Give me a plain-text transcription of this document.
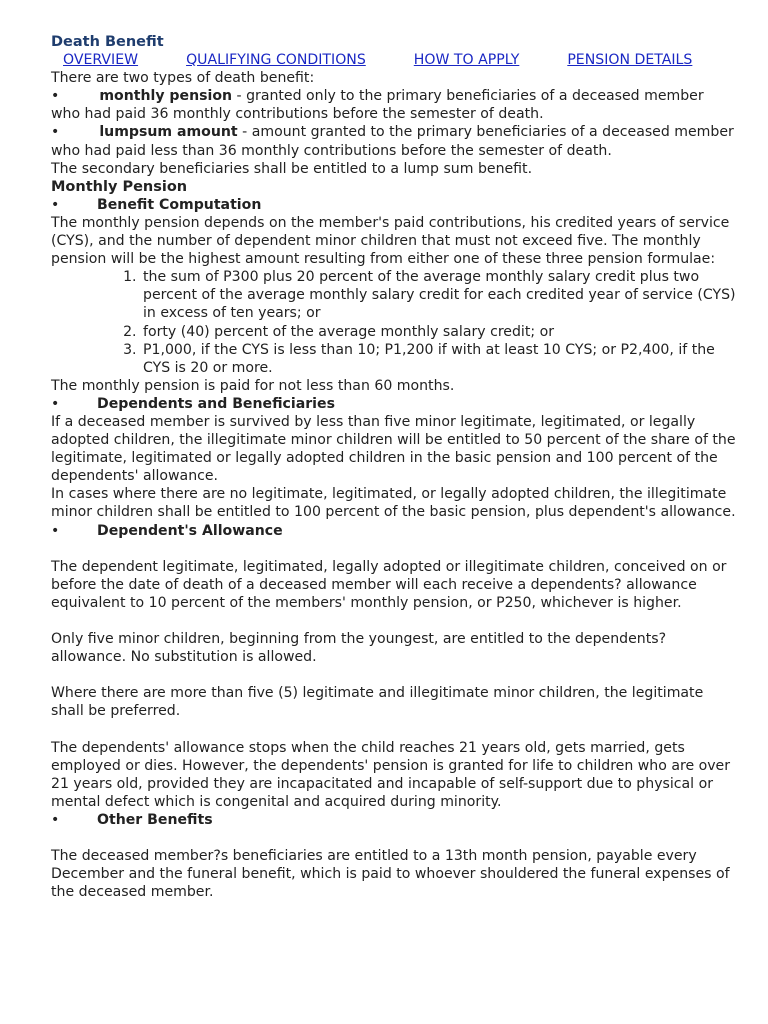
Death Benefit
OVERVIEW	QUALIFYING CONDITIONS	HOW TO APPLY	PENSION DETAILS
There are two types of death benefit:
•	monthly pension - granted only to the primary beneficiaries of a deceased member who had paid 36 monthly contributions before the semester of death.
•	lumpsum amount - amount granted to the primary beneficiaries of a deceased member who had paid less than 36 monthly contributions before the semester of death.
The secondary beneficiaries shall be entitled to a lump sum benefit.
Monthly Pension
•	Benefit Computation
The monthly pension depends on the member's paid contributions, his credited years of service (CYS), and the number of dependent minor children that must not exceed five. The monthly pension will be the highest amount resulting from either one of these three pension formulae:
1. the sum of P300 plus 20 percent of the average monthly salary credit plus two percent of the average monthly salary credit for each credited year of service (CYS) in excess of ten years; or
2. forty (40) percent of the average monthly salary credit; or
3. P1,000, if the CYS is less than 10; P1,200 if with at least 10 CYS; or P2,400, if the CYS is 20 or more.
The monthly pension is paid for not less than 60 months.
•	Dependents and Beneficiaries
If a deceased member is survived by less than five minor legitimate, legitimated, or legally adopted children, the illegitimate minor children will be entitled to 50 percent of the share of the legitimate, legitimated or legally adopted children in the basic pension and 100 percent of the dependents' allowance.
In cases where there are no legitimate, legitimated, or legally adopted children, the illegitimate minor children shall be entitled to 100 percent of the basic pension, plus dependent's allowance.
•	Dependent's Allowance
The dependent legitimate, legitimated, legally adopted or illegitimate children, conceived on or before the date of death of a deceased member will each receive a dependents? allowance equivalent to 10 percent of the members' monthly pension, or P250, whichever is higher.
Only five minor children, beginning from the youngest, are entitled to the dependents? allowance. No substitution is allowed.
Where there are more than five (5) legitimate and illegitimate minor children, the legitimate shall be preferred.
The dependents' allowance stops when the child reaches 21 years old, gets married, gets employed or dies. However, the dependents' pension is granted for life to children who are over 21 years old, provided they are incapacitated and incapable of self-support due to physical or mental defect which is congenital and acquired during minority.
•	Other Benefits
The deceased member?s beneficiaries are entitled to a 13th month pension, payable every December and the funeral benefit, which is paid to whoever shouldered the funeral expenses of the deceased member.
